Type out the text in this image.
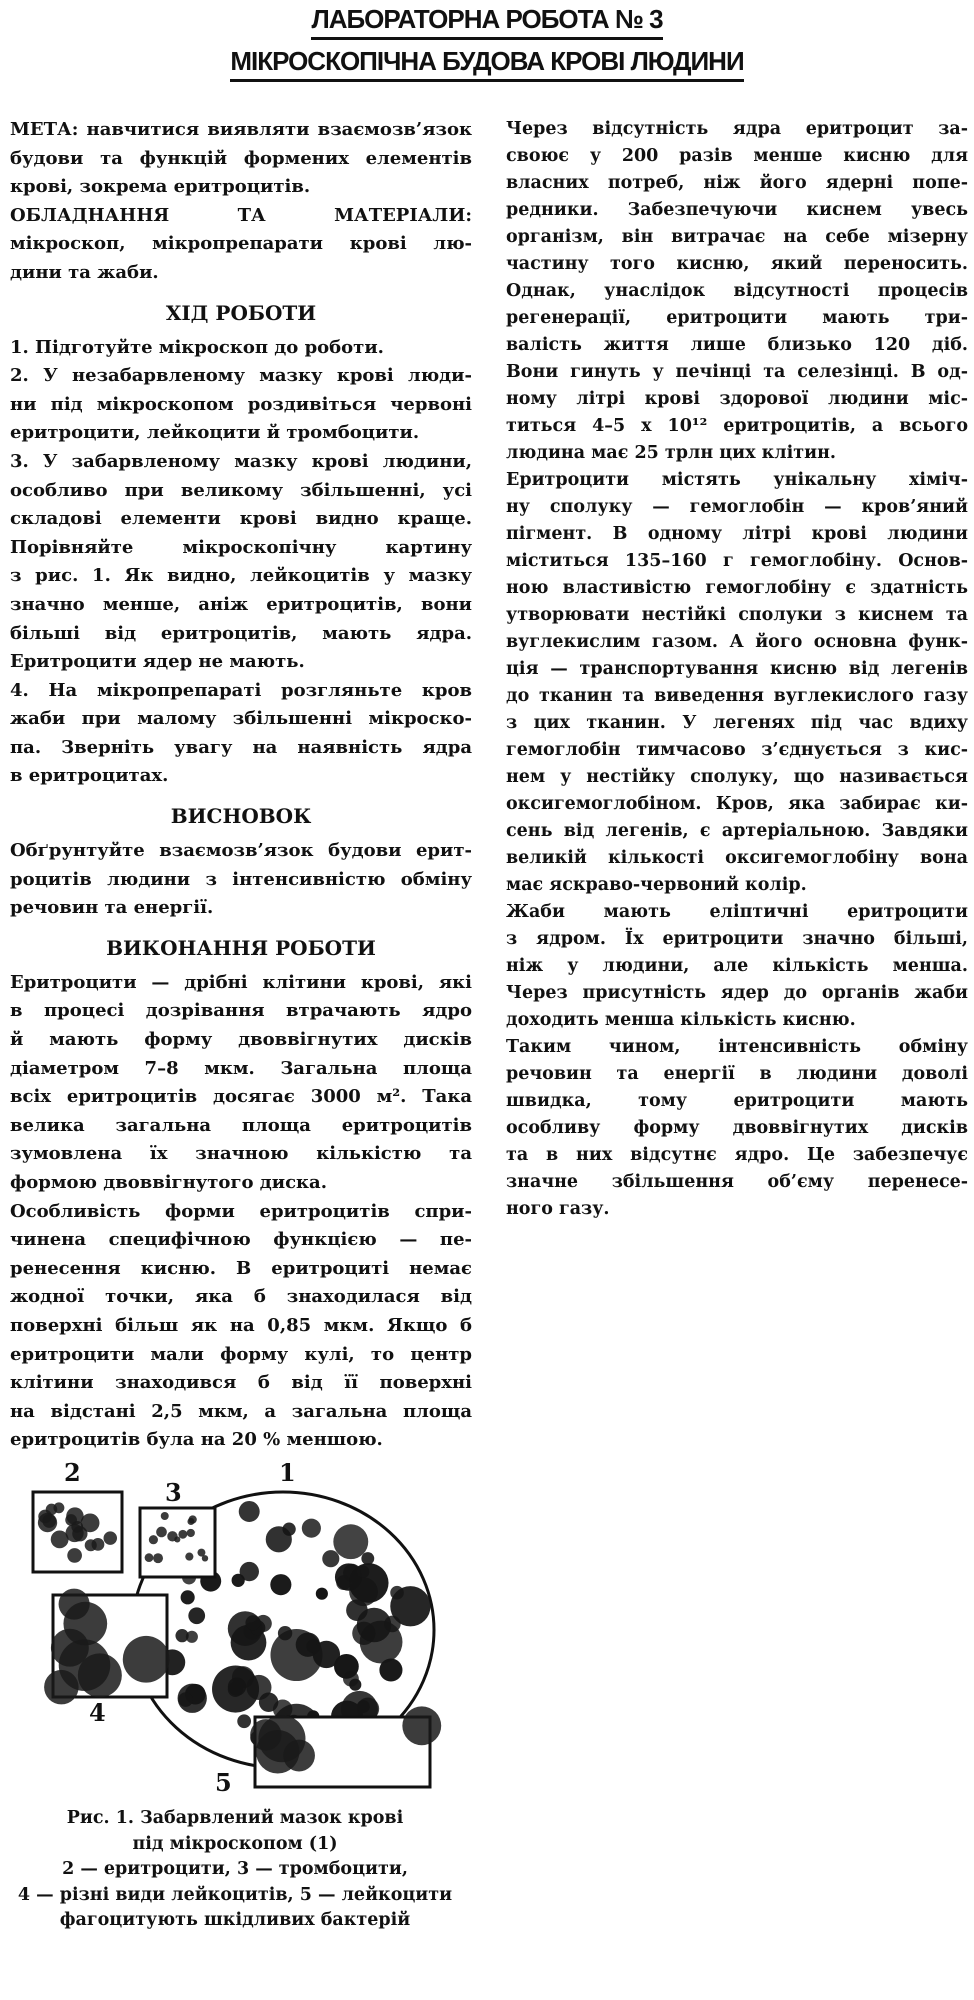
ЛАБОРАТОРНА РОБОТА № 3
МІКРОСКОПІЧНА БУДОВА КРОВІ ЛЮДИНИ
МЕТА: навчитися виявляти взаємозв’язок
будови та функцій формених елементів
крові, зокрема еритроцитів.
ОБЛАДНАННЯ ТА МАТЕРІАЛИ:
мікроскоп, мікропрепарати крові лю-
дини та жаби.
ХІД РОБОТИ
1. Підготуйте мікроскоп до роботи.
2. У незабарвленому мазку крові люди-
ни під мікроскопом роздивіться червоні
еритроцити, лейкоцити й тромбоцити.
3. У забарвленому мазку крові людини,
особливо при великому збільшенні, усі
складові елементи крові видно краще.
Порівняйте мікроскопічну картину
з рис. 1. Як видно, лейкоцитів у мазку
значно менше, аніж еритроцитів, вони
більші від еритроцитів, мають ядра.
Еритроцити ядер не мають.
4. На мікропрепараті розгляньте кров
жаби при малому збільшенні мікроско-
па. Зверніть увагу на наявність ядра
в еритроцитах.
ВИСНОВОК
Обґрунтуйте взаємозв’язок будови ерит-
роцитів людини з інтенсивністю обміну
речовин та енергії.
ВИКОНАННЯ РОБОТИ
Еритроцити — дрібні клітини крові, які
в процесі дозрівання втрачають ядро
й мають форму двоввігнутих дисків
діаметром 7–8 мкм. Загальна площа
всіх еритроцитів досягає 3000 м². Така
велика загальна площа еритроцитів
зумовлена їх значною кількістю та
формою двоввігнутого диска.
Особливість форми еритроцитів спри-
чинена специфічною функцією — пе-
ренесення кисню. В еритроциті немає
жодної точки, яка б знаходилася від
поверхні більш як на 0,85 мкм. Якщо б
еритроцити мали форму кулі, то центр
клітини знаходився б від її поверхні
на відстані 2,5 мкм, а загальна площа
еритроцитів була на 20 % меншою.
Через відсутність ядра еритроцит за-
своює у 200 разів менше кисню для
власних потреб, ніж його ядерні попе-
редники. Забезпечуючи киснем увесь
організм, він витрачає на себе мізерну
частину того кисню, який переносить.
Однак, унаслідок відсутності процесів
регенерації, еритроцити мають три-
валість життя лише близько 120 діб.
Вони гинуть у печінці та селезінці. В од-
ному літрі крові здорової людини міс-
титься 4–5 x 10¹² еритроцитів, а всього
людина має 25 трлн цих клітин.
Еритроцити містять унікальну хіміч-
ну сполуку — гемоглобін — кров’яний
пігмент. В одному літрі крові людини
міститься 135–160 г гемоглобіну. Основ-
ною властивістю гемоглобіну є здатність
утворювати нестійкі сполуки з киснем та
вуглекислим газом. А його основна функ-
ція — транспортування кисню від легенів
до тканин та виведення вуглекислого газу
з цих тканин. У легенях під час вдиху
гемоглобін тимчасово з’єднується з кис-
нем у нестійку сполуку, що називається
оксигемоглобіном. Кров, яка забирає ки-
сень від легенів, є артеріальною. Завдяки
великій кількості оксигемоглобіну вона
має яскраво-червоний колір.
Жаби мають еліптичні еритроцити
з ядром. Їх еритроцити значно більші,
ніж у людини, але кількість менша.
Через присутність ядер до органів жаби
доходить менша кількість кисню.
Таким чином, інтенсивність обміну
речовин та енергії в людини доволі
швидка, тому еритроцити мають
особливу форму двоввігнутих дисків
та в них відсутнє ядро. Це забезпечує
значне збільшення об’єму перенесе-
ного газу.
2	1
3
4
5
Рис. 1. Забарвлений мазок крові
під мікроскопом (1)
2 — еритроцити, 3 — тромбоцити,
4 — різні види лейкоцитів, 5 — лейкоцити
фагоцитують шкідливих бактерій
